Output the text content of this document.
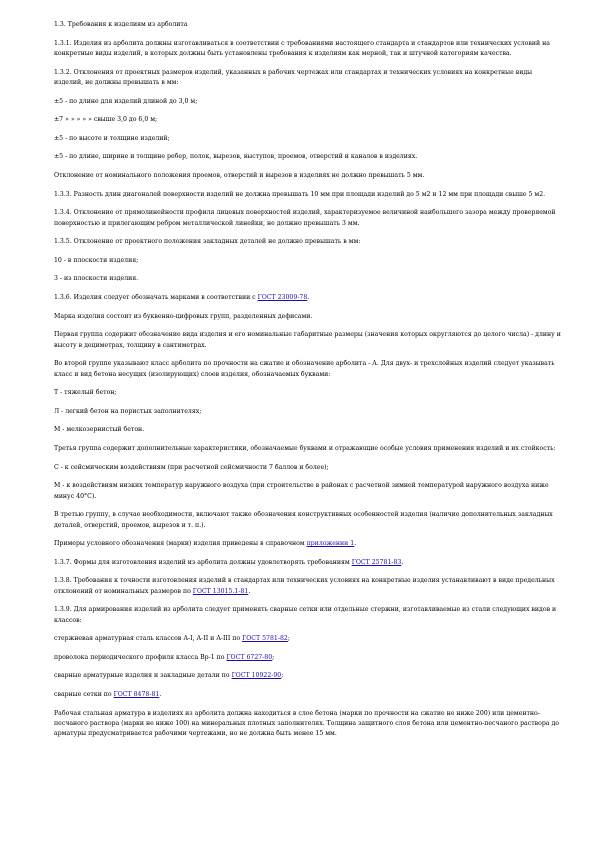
1.3. Требования к изделиям из арболита

1.3.1. Изделия из арболита должны изготавливаться в соответствии с требованиями настоящего стандарта и стандартов или технических условий на конкретные виды изделий, в которых должны быть установлены требования к изделиям как мерной, так и штучной категориям качества.

1.3.2. Отклонения от проектных размеров изделий, указанных в рабочих чертежах или стандартах и технических условиях на конкретные виды изделий, не должны превышать в мм:

±5 - по длине для изделий длиной до 3,0 м;

±7 » » » » » свыше 3,0 до 6,0 м;

±5 - по высоте и толщине изделий;

±5 - по длине, ширине и толщине ребер, полок, вырезов, выступов, проемов, отверстий и каналов в изделиях.

Отклонение от номинального положения проемов, отверстий и вырезов в изделиях не должно превышать 5 мм.

1.3.3. Разность длин диагоналей поверхности изделий не должна превышать 10 мм при площади изделий до 5 м2 и 12 мм при площади свыше 5 м2.

1.3.4. Отклонение от прямолинейности профиля лицевых поверхностей изделий, характеризуемое величиной наибольшего зазора между проверяемой поверхностью и прилегающим ребром металлической линейки, не должно превышать 3 мм.

1.3.5. Отклонение от проектного положения закладных деталей не должно превышать в мм:

10 - в плоскости изделия;

3 - из плоскости изделия.

1.3.6. Изделия следует обозначать марками в соответствии с ГОСТ 23009-78.

Марка изделия состоит из буквенно-цифровых групп, разделенных дефисами.

Первая группа содержит обозначение вида изделия и его номинальные габаритные размеры (значения которых округляются до целого числа) - длину и высоту в дециметрах, толщину в сантиметрах.

Во второй группе указывают класс арболита по прочности на сжатие и обозначение арболита - А. Для двух- и трехслойных изделий следует указывать класс и вид бетона несущих (изолирующих) слоев изделия, обозначаемых буквами:

Т - тяжелый бетон;

Л - легкий бетон на пористых заполнителях;

М - мелкозернистый бетон.

Третья группа содержит дополнительные характеристики, обозначаемые буквами и отражающие особые условия применения изделий и их стойкость:

С - к сейсмическим воздействиям (при расчетной сейсмичности 7 баллов и более);

М - к воздействиям низких температур наружного воздуха (при строительстве в районах с расчетной зимней температурой наружного воздуха ниже минус 40°С).

В третью группу, в случае необходимости, включают также обозначения конструктивных особенностей изделия (наличие дополнительных закладных деталей, отверстий, проемов, вырезов и т. п.).

Примеры условного обозначения (марки) изделия приведены в справочном приложении 1.

1.3.7. Формы для изготовления изделий из арболита должны удовлетворять требованиям ГОСТ 25781-83.

1.3.8. Требования к точности изготовления изделий в стандартах или технических условиях на конкретные изделия устанавливают в виде предельных отклонений от номинальных размеров по ГОСТ 13015.1-81.

1.3.9. Для армирования изделий из арболита следует применять сварные сетки или отдельные стержни, изготавливаемые из стали следующих видов и классов:

стержневая арматурная сталь классов А-I, А-II и А-III по ГОСТ 5781-82;

проволока периодического профиля класса Вр-1 по ГОСТ 6727-80;

сварные арматурные изделия и закладные детали по ГОСТ 10922-90;

сварные сетки по ГОСТ 8478-81.

Рабочая стальная арматура в изделиях из арболита должна находиться в слое бетона (марки по прочности на сжатие не ниже 200) или цементно-песчаного раствора (марки не ниже 100) на минеральных плотных заполнителях. Толщина защитного слоя бетона или цементно-песчаного раствора до арматуры предусматривается рабочими чертежами, но не должна быть менее 15 мм.
